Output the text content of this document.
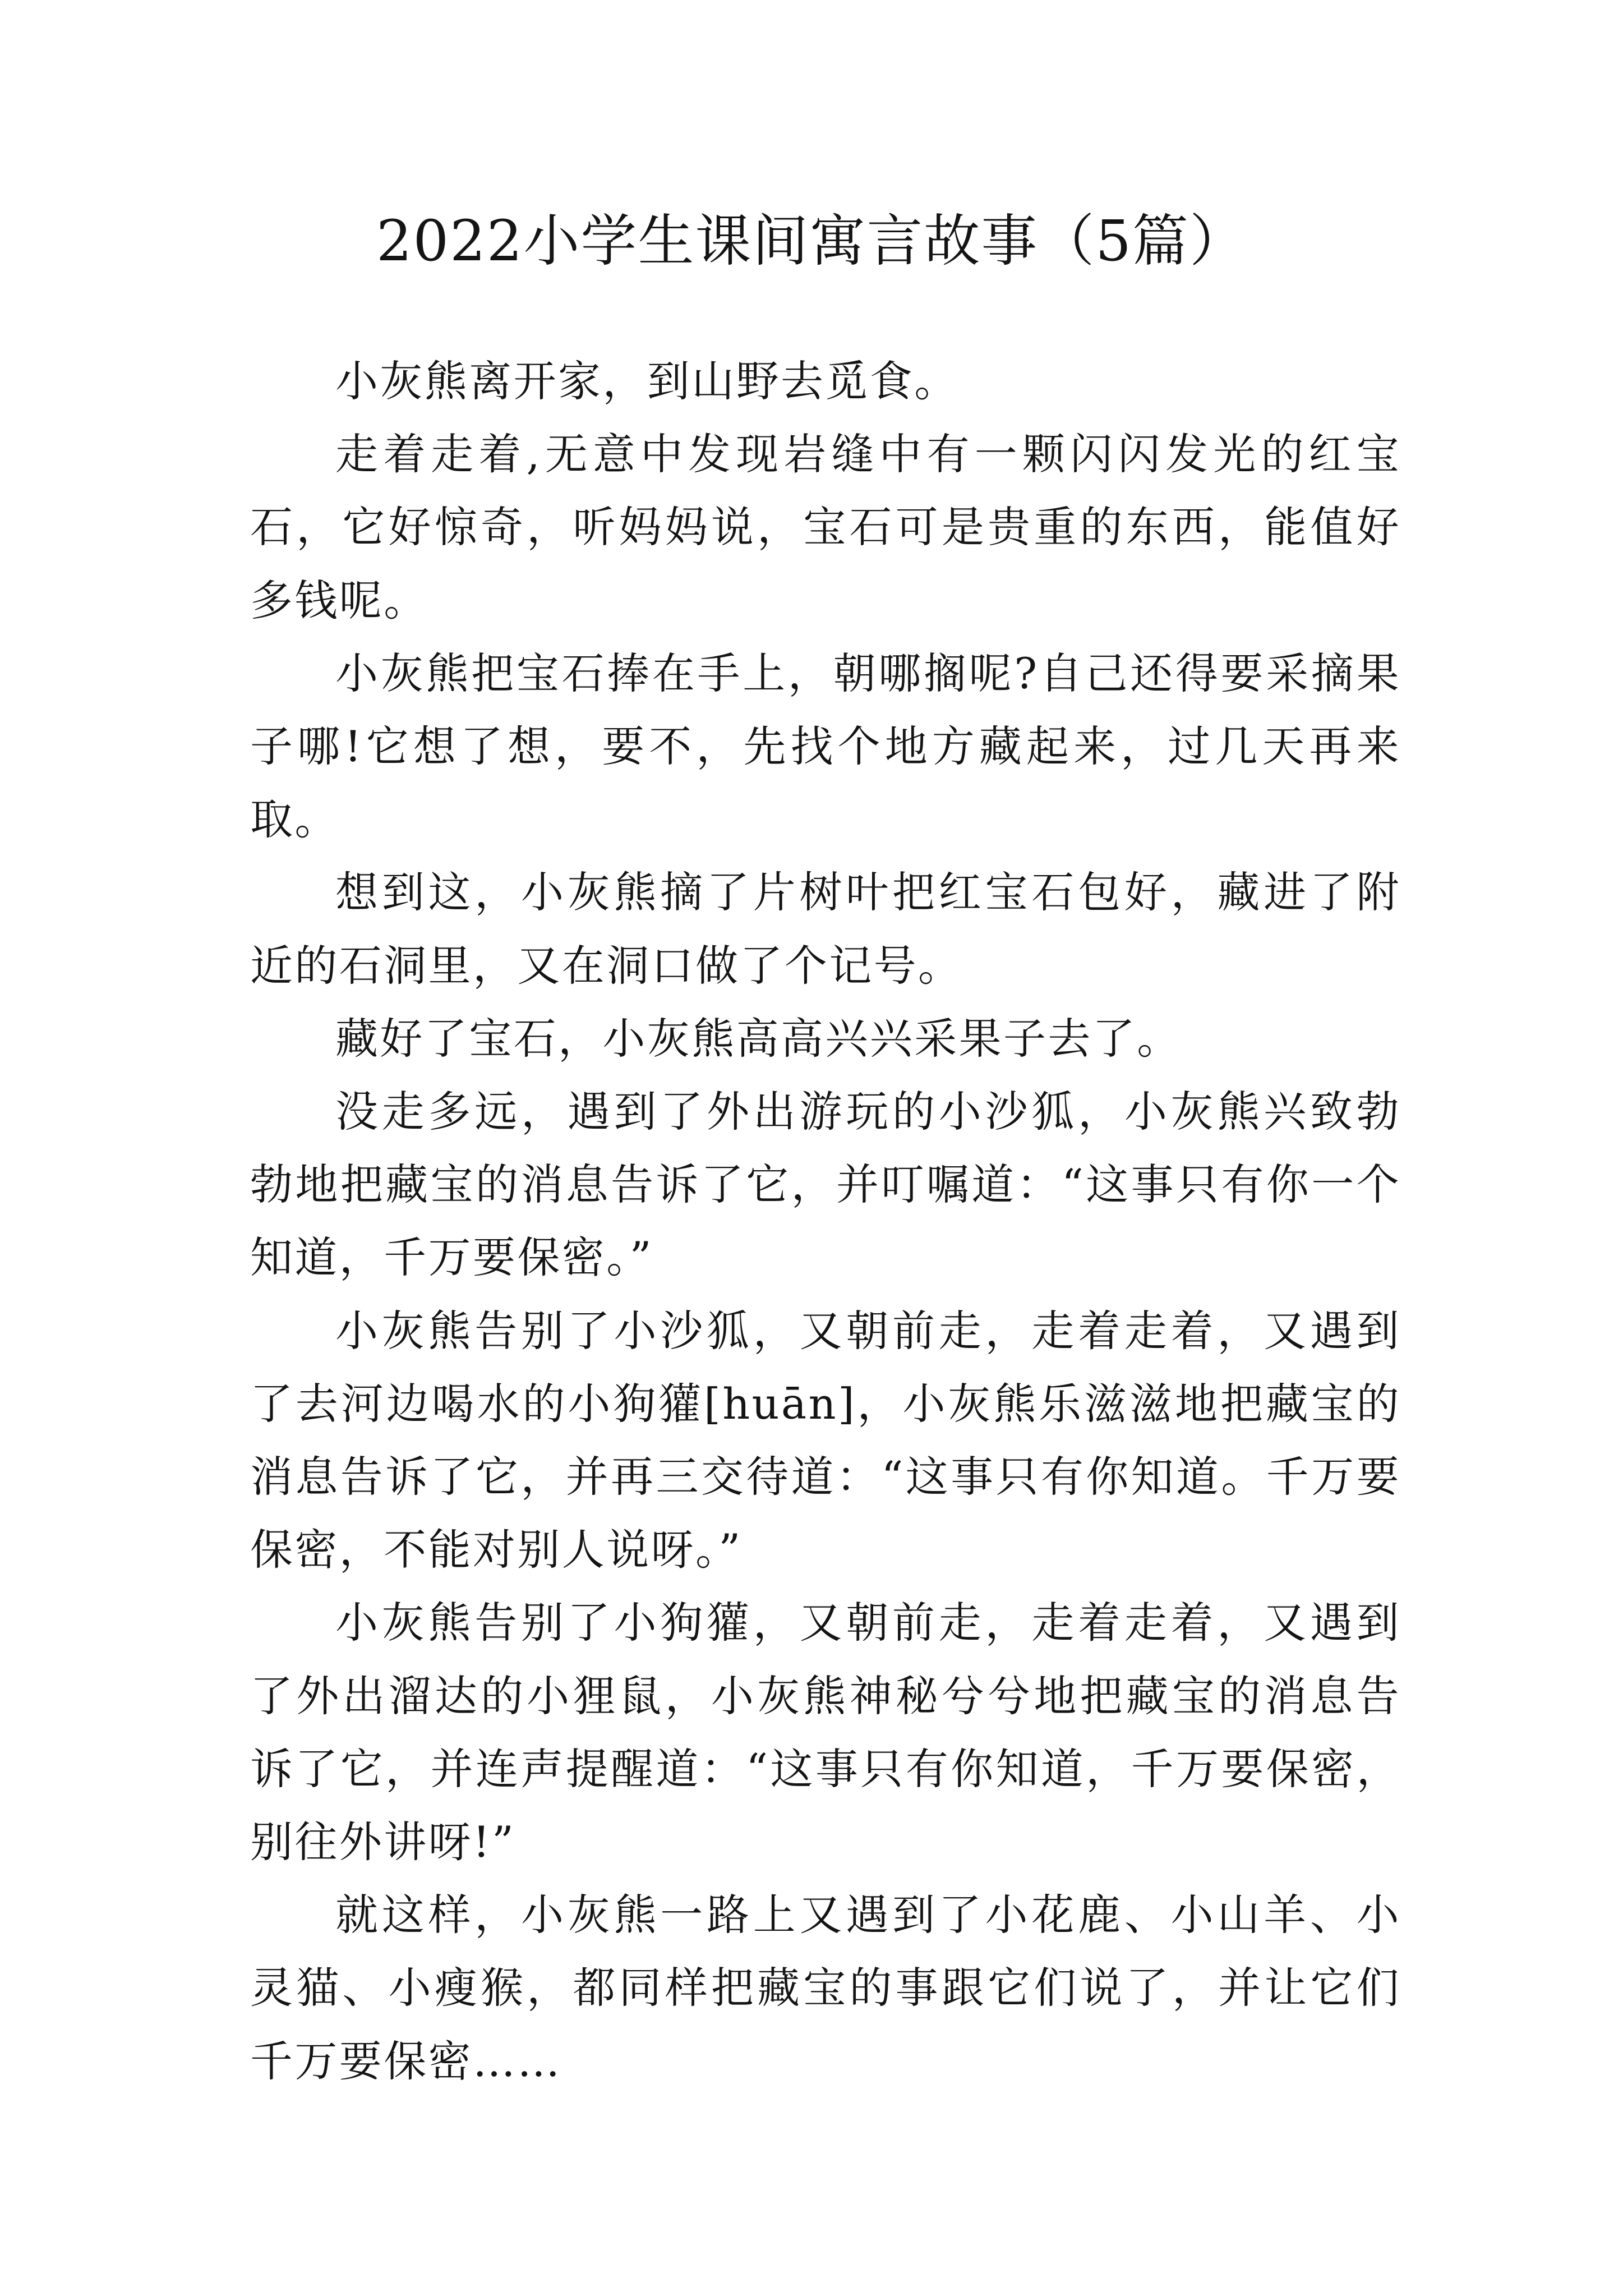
2022小学生课间寓言故事（5篇）

小灰熊离开家，到山野去觅食。

走着走着,无意中发现岩缝中有一颗闪闪发光的红宝石，它好惊奇，听妈妈说，宝石可是贵重的东西，能值好多钱呢。

小灰熊把宝石捧在手上，朝哪搁呢?自己还得要采摘果子哪!它想了想，要不，先找个地方藏起来，过几天再来取。

想到这，小灰熊摘了片树叶把红宝石包好，藏进了附近的石洞里，又在洞口做了个记号。

藏好了宝石，小灰熊高高兴兴采果子去了。

没走多远，遇到了外出游玩的小沙狐，小灰熊兴致勃勃地把藏宝的消息告诉了它，并叮嘱道：“这事只有你一个知道，千万要保密。”

小灰熊告别了小沙狐，又朝前走，走着走着，又遇到了去河边喝水的小狗獾[huān]，小灰熊乐滋滋地把藏宝的消息告诉了它，并再三交待道：“这事只有你知道。千万要保密，不能对别人说呀。”

小灰熊告别了小狗獾，又朝前走，走着走着，又遇到了外出溜达的小狸鼠，小灰熊神秘兮兮地把藏宝的消息告诉了它，并连声提醒道：“这事只有你知道，千万要保密，别往外讲呀!”

就这样，小灰熊一路上又遇到了小花鹿、小山羊、小灵猫、小瘦猴，都同样把藏宝的事跟它们说了，并让它们千万要保密……
